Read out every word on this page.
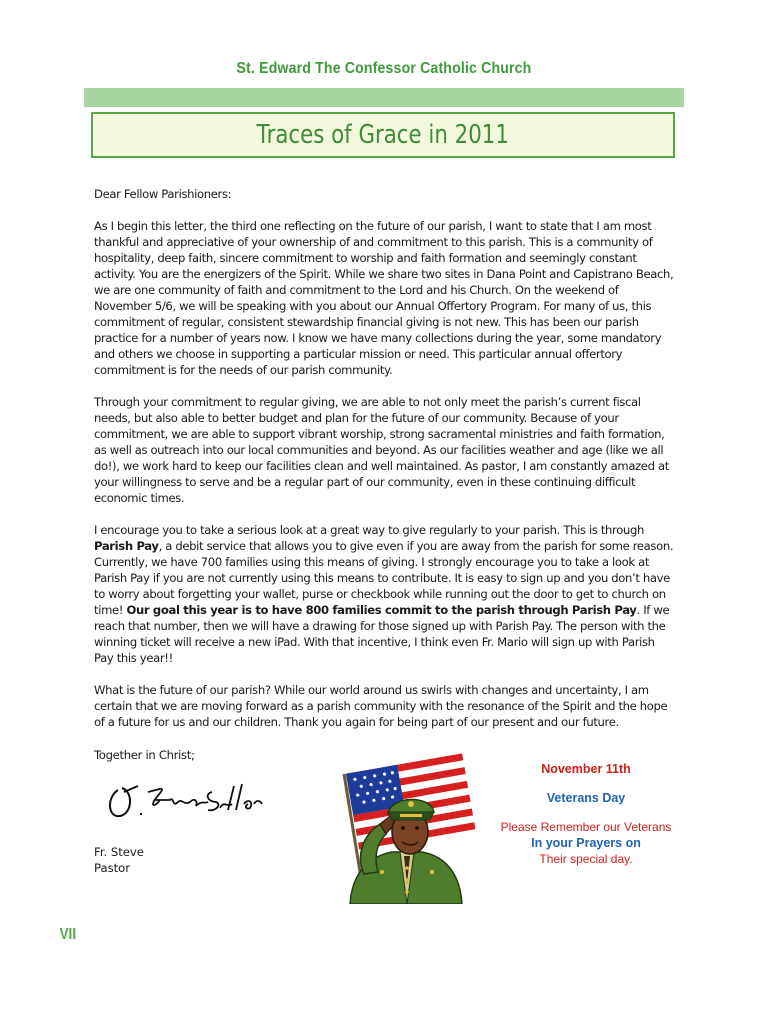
St. Edward The Confessor Catholic Church
Traces of Grace in 2011

Dear Fellow Parishioners:

As I begin this letter, the third one reflecting on the future of our parish, I want to state that I am most thankful and appreciative of your ownership of and commitment to this parish. This is a community of hospitality, deep faith, sincere commitment to worship and faith formation and seemingly constant activity. You are the energizers of the Spirit. While we share two sites in Dana Point and Capistrano Beach, we are one community of faith and commitment to the Lord and his Church. On the weekend of November 5/6, we will be speaking with you about our Annual Offertory Program. For many of us, this commitment of regular, consistent stewardship financial giving is not new. This has been our parish practice for a number of years now. I know we have many collections during the year, some mandatory and others we choose in supporting a particular mission or need. This particular annual offertory commitment is for the needs of our parish community.

Through your commitment to regular giving, we are able to not only meet the parish’s current fiscal needs, but also able to better budget and plan for the future of our community. Because of your commitment, we are able to support vibrant worship, strong sacramental ministries and faith formation, as well as outreach into our local communities and beyond. As our facilities weather and age (like we all do!), we work hard to keep our facilities clean and well maintained. As pastor, I am constantly amazed at your willingness to serve and be a regular part of our community, even in these continuing difficult economic times.

I encourage you to take a serious look at a great way to give regularly to your parish. This is through Parish Pay, a debit service that allows you to give even if you are away from the parish for some reason. Currently, we have 700 families using this means of giving. I strongly encourage you to take a look at Parish Pay if you are not currently using this means to contribute. It is easy to sign up and you don’t have to worry about forgetting your wallet, purse or checkbook while running out the door to get to church on time! Our goal this year is to have 800 families commit to the parish through Parish Pay. If we reach that number, then we will have a drawing for those signed up with Parish Pay. The person with the winning ticket will receive a new iPad. With that incentive, I think even Fr. Mario will sign up with Parish Pay this year!!

What is the future of our parish? While our world around us swirls with changes and uncertainty, I am certain that we are moving forward as a parish community with the resonance of the Spirit and the hope of a future for us and our children. Thank you again for being part of our present and our future.

Together in Christ;
Fr. Steve
Pastor
November 11th
Veterans Day
Please Remember our Veterans
In your Prayers on
Their special day.
VII
